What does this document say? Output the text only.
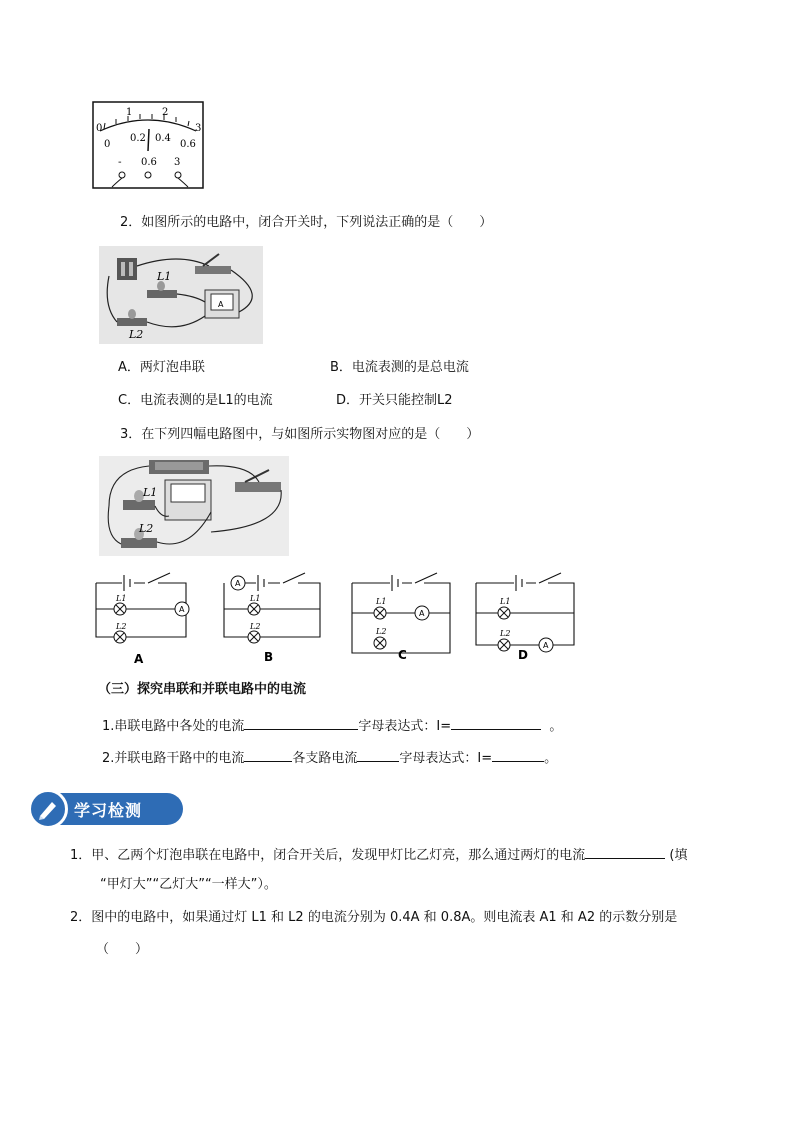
0
1	2
3
0
0.2 0.4
0.6
- 0.6 3
2．如图所示的电路中，闭合开关时，下列说法正确的是（　　）
L1
L2
A
A．两灯泡串联	B．电流表测的是总电流
C．电流表测的是L1的电流	D．开关只能控制L2
3．在下列四幅电路图中，与如图所示实物图对应的是（　　）
L1
L2
A	B	C	D
L1
L2
L1
L2
L1
L2
L1
L2
A
A
A
A
（三）探究串联和并联电路中的电流
1.串联电路中各处的电流	字母表达式：I=	。
2.并联电路干路中的电流	各支路电流	字母表达式：I=	。
学习检测
1．甲、乙两个灯泡串联在电路中，闭合开关后，发现甲灯比乙灯亮，那么通过两灯的电流	(填
“甲灯大”“乙灯大”“一样大”）。
2．图中的电路中，如果通过灯 L1 和 L2 的电流分别为 0.4A 和 0.8A。则电流表 A1 和 A2 的示数分别是
（　　）
